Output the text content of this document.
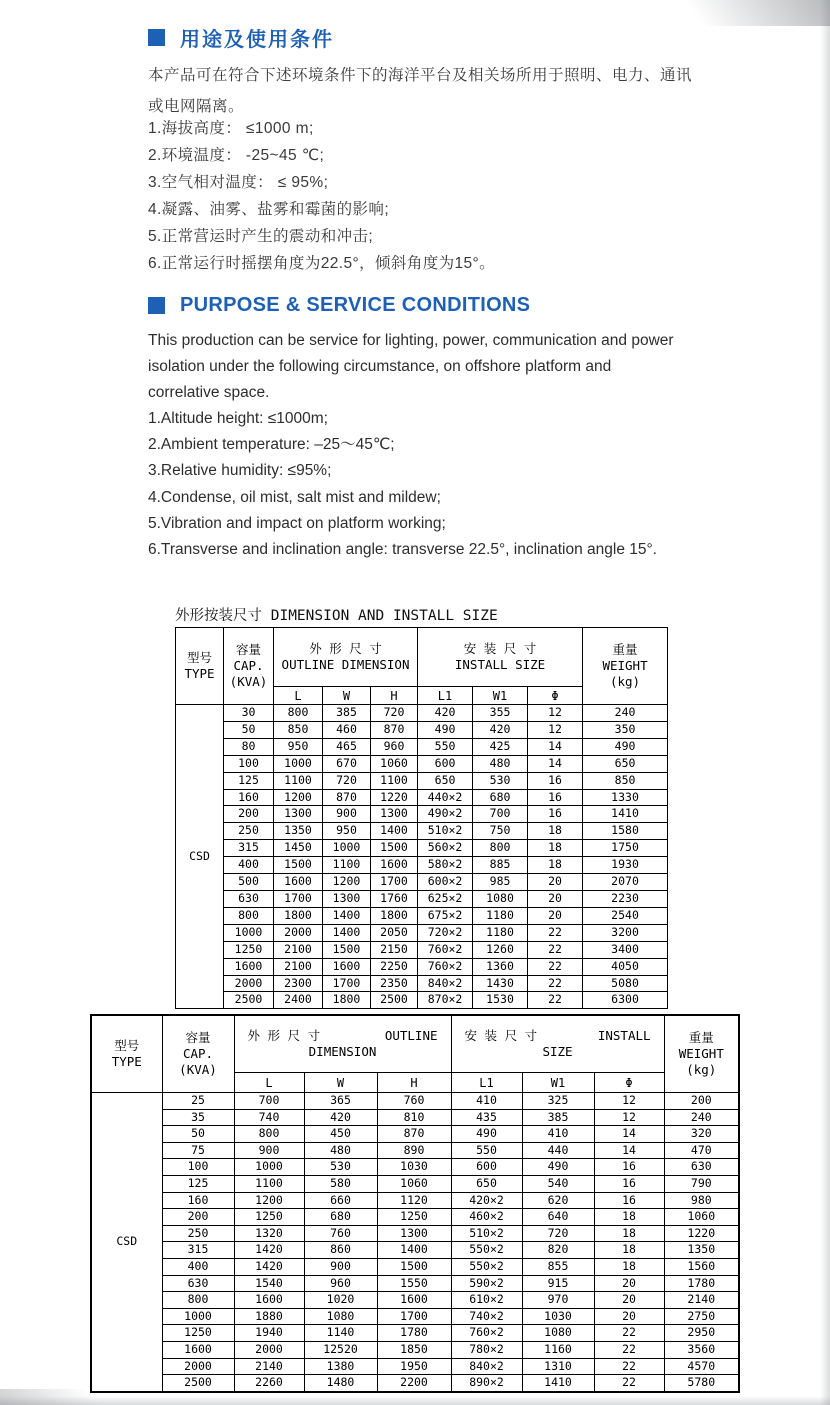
用途及使用条件
本产品可在符合下述环境条件下的海洋平台及相关场所用于照明、电力、通讯或电网隔离。
1.海拔高度： ≤1000 m;
2.环境温度： -25~45 ℃;
3.空气相对温度： ≤ 95%;
4.凝露、油雾、盐雾和霉菌的影响;
5.正常营运时产生的震动和冲击;
6.正常运行时摇摆角度为22.5°，倾斜角度为15°。
PURPOSE & SERVICE CONDITIONS
This production can be service for lighting, power, communication and power isolation under the following circumstance, on offshore platform and correlative space.
1.Altitude height: ≤1000m;
2.Ambient temperature: –25～45℃;
3.Relative humidity: ≤95%;
4.Condense, oil mist, salt mist and mildew;
5.Vibration and impact on platform working;
6.Transverse and inclination angle: transverse 22.5°, inclination angle 15°.
外形按装尺寸 DIMENSION AND INSTALL SIZE
型号
TYPE

容量
CAP.
(KVA)

外 形 尺 寸
OUTLINE DIMENSION

安 装 尺 寸
INSTALL SIZE

重量
WEIGHT
(kg)

		L	W	H	L1	W1	Φ	
CSD	30	800	385	720	420	355	12	240
	50	850	460	870	490	420	12	350
	80	950	465	960	550	425	14	490
	100	1000	670	1060	600	480	14	650
	125	1100	720	1100	650	530	16	850
	160	1200	870	1220	440×2	680	16	1330
	200	1300	900	1300	490×2	700	16	1410
	250	1350	950	1400	510×2	750	18	1580
	315	1450	1000	1500	560×2	800	18	1750
	400	1500	1100	1600	580×2	885	18	1930
	500	1600	1200	1700	600×2	985	20	2070
	630	1700	1300	1760	625×2	1080	20	2230
	800	1800	1400	1800	675×2	1180	20	2540
	1000	2000	1400	2050	720×2	1180	22	3200
	1250	2100	1500	2150	760×2	1260	22	3400
	1600	2100	1600	2250	760×2	1360	22	4050
	2000	2300	1700	2350	840×2	1430	22	5080
	2500	2400	1800	2500	870×2	1530	22	6300
型号
TYPE

容量
CAP.
(KVA)

外 形 尺 寸	OUTLINE
DIMENSION

安 装 尺 寸	INSTALL
SIZE

重量
WEIGHT
(kg)

		L	W	H	L1	W1	Φ	
CSD	25	700	365	760	410	325	12	200
	35	740	420	810	435	385	12	240
	50	800	450	870	490	410	14	320
	75	900	480	890	550	440	14	470
	100	1000	530	1030	600	490	16	630
	125	1100	580	1060	650	540	16	790
	160	1200	660	1120	420×2	620	16	980
	200	1250	680	1250	460×2	640	18	1060
	250	1320	760	1300	510×2	720	18	1220
	315	1420	860	1400	550×2	820	18	1350
	400	1420	900	1500	550×2	855	18	1560
	630	1540	960	1550	590×2	915	20	1780
	800	1600	1020	1600	610×2	970	20	2140
	1000	1880	1080	1700	740×2	1030	20	2750
	1250	1940	1140	1780	760×2	1080	22	2950
	1600	2000	12520	1850	780×2	1160	22	3560
	2000	2140	1380	1950	840×2	1310	22	4570
	2500	2260	1480	2200	890×2	1410	22	5780
